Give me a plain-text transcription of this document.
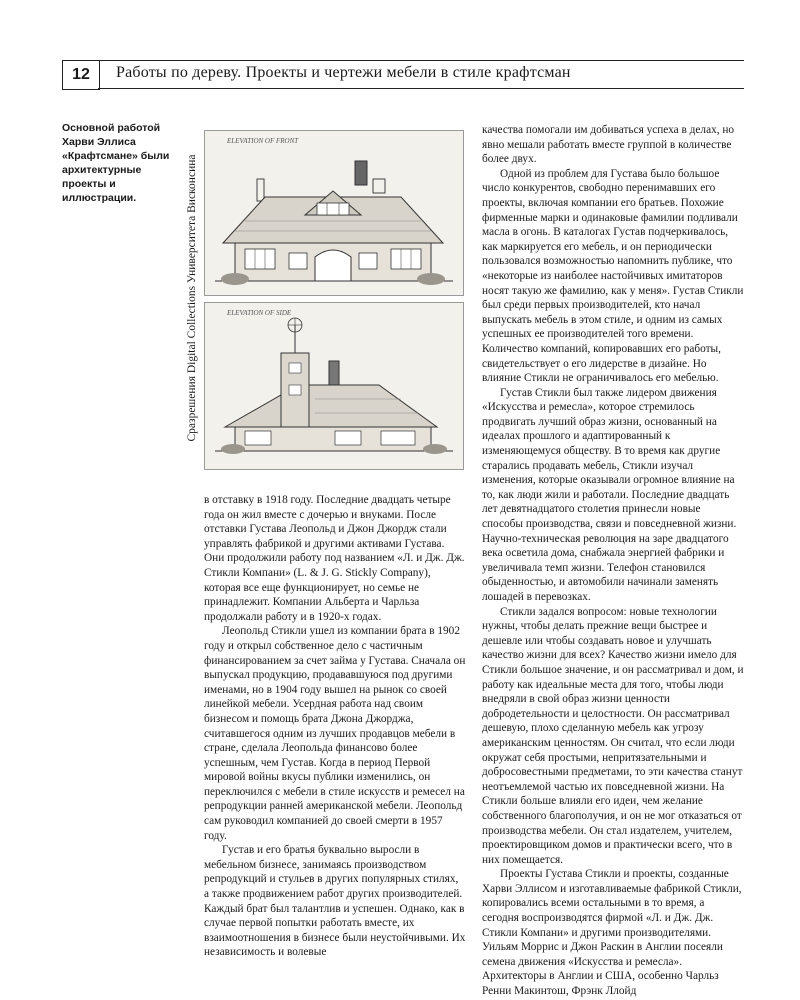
12	Работы по дереву. Проекты и чертежи мебели в стиле крафтсман
Основной работой Харви Эллиса «Крафтсмане» были архитектурные проекты и иллюстрации.	Сразрешения Digital Collections Университета Висконсина
ELEVATION OF FRONT
ELEVATION OF SIDE

в отставку в 1918 году. Последние двадцать четыре года он жил вместе с дочерью и внуками. После отставки Густава Леопольд и Джон Джордж стали управлять фабрикой и другими активами Густава. Они продолжили работу под названием «Л. и Дж. Дж. Стикли Компани» (L. & J. G. Stickly Company), которая все еще функционирует, но семье не принадлежит. Компании Альберта и Чарльза продолжали работу и в 1920-х годах.

Леопольд Стикли ушел из компании брата в 1902 году и открыл собственное дело с частичным финансированием за счет займа у Густава. Сначала он выпускал продукцию, продававшуюся под другими именами, но в 1904 году вышел на рынок со своей линейкой мебели. Усердная работа над своим бизнесом и помощь брата Джона Джорджа, считавшегося одним из лучших продавцов мебели в стране, сделала Леопольда финансово более успешным, чем Густав. Когда в период Первой мировой войны вкусы публики изменились, он переключился с мебели в стиле искусств и ремесел на репродукции ранней американской мебели. Леопольд сам руководил компанией до своей смерти в 1957 году.

Густав и его братья буквально выросли в мебельном бизнесе, занимаясь производством репродукций и стульев в других популярных стилях, а также продвижением работ других производителей. Каждый брат был талантлив и успешен. Однако, как в случае первой попытки работать вместе, их взаимоотношения в бизнесе были неустойчивыми. Их независимость и волевые

качества помогали им добиваться успеха в делах, но явно мешали работать вместе группой в количестве более двух.

Одной из проблем для Густава было большое число конкурентов, свободно перенимавших его проекты, включая компании его братьев. Похожие фирменные марки и одинаковые фамилии подливали масла в огонь. В каталогах Густав подчеркивалось, как маркируется его мебель, и он периодически пользовался возможностью напомнить публике, что «некоторые из наиболее настойчивых имитаторов носят такую же фамилию, как у меня». Густав Стикли был среди первых производителей, кто начал выпускать мебель в этом стиле, и одним из самых успешных ее производителей того времени. Количество компаний, копировавших его работы, свидетельствует о его лидерстве в дизайне. Но влияние Стикли не ограничивалось его мебелью.

Густав Стикли был также лидером движения «Искусства и ремесла», которое стремилось продвигать лучший образ жизни, основанный на идеалах прошлого и адаптированный к изменяющемуся обществу. В то время как другие старались продавать мебель, Стикли изучал изменения, которые оказывали огромное влияние на то, как люди жили и работали. Последние двадцать лет девятнадцатого столетия принесли новые способы производства, связи и повседневной жизни. Научно-техническая революция на заре двадцатого века осветила дома, снабжала энергией фабрики и увеличивала темп жизни. Телефон становился обыденностью, и автомобили начинали заменять лошадей в перевозках.

Стикли задался вопросом: новые технологии нужны, чтобы делать прежние вещи быстрее и дешевле или чтобы создавать новое и улучшать качество жизни для всех? Качество жизни имело для Стикли большое значение, и он рассматривал и дом, и работу как идеальные места для того, чтобы люди внедряли в свой образ жизни ценности добродетельности и целостности. Он рассматривал дешевую, плохо сделанную мебель как угрозу американским ценностям. Он считал, что если люди окружат себя простыми, непритязательными и добросовестными предметами, то эти качества станут неотъемлемой частью их повседневной жизни. На Стикли больше влияли его идеи, чем желание собственного благополучия, и он не мог отказаться от производства мебели. Он стал издателем, учителем, проектировщиком домов и практически всего, что в них помещается.

Проекты Густава Стикли и проекты, созданные Харви Эллисом и изготавливаемые фабрикой Стикли, копировались всеми остальными в то время, а сегодня воспроизводятся фирмой «Л. и Дж. Дж. Стикли Компани» и другими производителями. Уильям Моррис и Джон Раскин в Англии посеяли семена движения «Искусства и ремесла». Архитекторы в Англии и США, особенно Чарльз Ренни Макинтош, Фрэнк Ллойд
